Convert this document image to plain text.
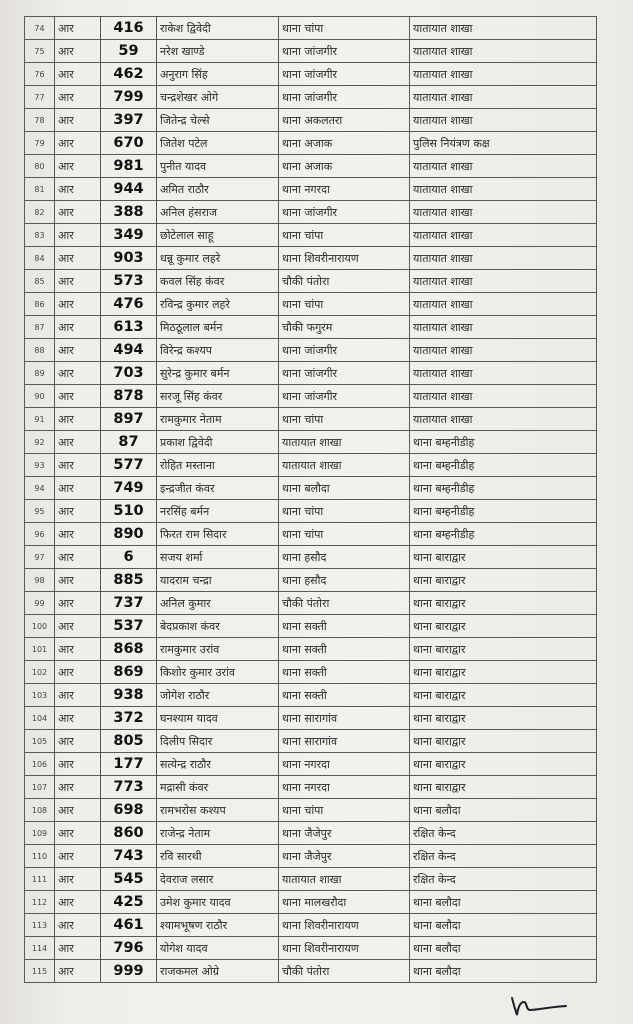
74	आर	416	राकेश द्विवेदी	थाना चांपा	यातायात शाखा
75	आर	59	नरेश खाण्डे	थाना जांजगीर	यातायात शाखा
76	आर	462	अनुराग सिंह	थाना जांजगीर	यातायात शाखा
77	आर	799	चन्द्रशेखर ओगे	थाना जांजगीर	यातायात शाखा
78	आर	397	जितेन्द्र चेल्से	थाना अकलतरा	यातायात शाखा
79	आर	670	जितेश पटेल	थाना अजाक	पुलिस नियंत्रण कक्ष
80	आर	981	पुनीत यादव	थाना अजाक	यातायात शाखा
81	आर	944	अमित राठौर	थाना नगरदा	यातायात शाखा
82	आर	388	अनिल हंसराज	थाना जांजगीर	यातायात शाखा
83	आर	349	छोटेलाल साहू	थाना चांपा	यातायात शाखा
84	आर	903	धन्नू कुमार लहरे	थाना शिवरीनारायण	यातायात शाखा
85	आर	573	कवल सिंह कंवर	चौकी पंतोरा	यातायात शाखा
86	आर	476	रविन्द्र कुमार लहरे	थाना चांपा	यातायात शाखा
87	आर	613	मिठठूलाल बर्मन	चौकी फगुरम	यातायात शाखा
88	आर	494	विरेन्द्र कश्यप	थाना जांजगीर	यातायात शाखा
89	आर	703	सुरेन्द्र कुमार बर्मन	थाना जांजगीर	यातायात शाखा
90	आर	878	सरजू सिंह कंवर	थाना जांजगीर	यातायात शाखा
91	आर	897	रामकुमार नेताम	थाना चांपा	यातायात शाखा
92	आर	87	प्रकाश द्विवेदी	यातायात शाखा	थाना बम्हनीडीह
93	आर	577	रोहित मस्ताना	यातायात शाखा	थाना बम्हनीडीह
94	आर	749	इन्द्रजीत कंवर	थाना बलौदा	थाना बम्हनीडीह
95	आर	510	नरसिंह बर्मन	थाना चांपा	थाना बम्हनीडीह
96	आर	890	फिरत राम सिदार	थाना चांपा	थाना बम्हनीडीह
97	आर	6	सजय शर्मा	थाना हसौद	थाना बाराद्वार
98	आर	885	यादराम चन्द्रा	थाना हसौद	थाना बाराद्वार
99	आर	737	अनिल कुमार	चौकी पंतोरा	थाना बाराद्वार
100	आर	537	बेदप्रकाश कंवर	थाना सक्ती	थाना बाराद्वार
101	आर	868	रामकुमार उरांव	थाना सक्ती	थाना बाराद्वार
102	आर	869	किशोर कुमार उरांव	थाना सक्ती	थाना बाराद्वार
103	आर	938	जोगेश राठौर	थाना सक्ती	थाना बाराद्वार
104	आर	372	घनश्याम यादव	थाना सारागांव	थाना बाराद्वार
105	आर	805	दिलीप सिदार	थाना सारागांव	थाना बाराद्वार
106	आर	177	सत्येन्द्र राठौर	थाना नगरदा	थाना बाराद्वार
107	आर	773	मद्रासी कंवर	थाना नगरदा	थाना बाराद्वार
108	आर	698	रामभरोस कश्यप	थाना चांपा	थाना बलौदा
109	आर	860	राजेन्द्र नेताम	थाना जैजेपुर	रक्षित केन्द
110	आर	743	रवि सारथी	थाना जैजेपुर	रक्षित केन्द
111	आर	545	देवराज लसार	यातायात शाखा	रक्षित केन्द
112	आर	425	उमेश कुमार यादव	थाना मालखरौदा	थाना बलौदा
113	आर	461	श्यामभूषण राठौर	थाना शिवरीनारायण	थाना बलौदा
114	आर	796	योगेश यादव	थाना शिवरीनारायण	थाना बलौदा
115	आर	999	राजकमल ओग्रे	चौकी पंतोरा	थाना बलौदा
